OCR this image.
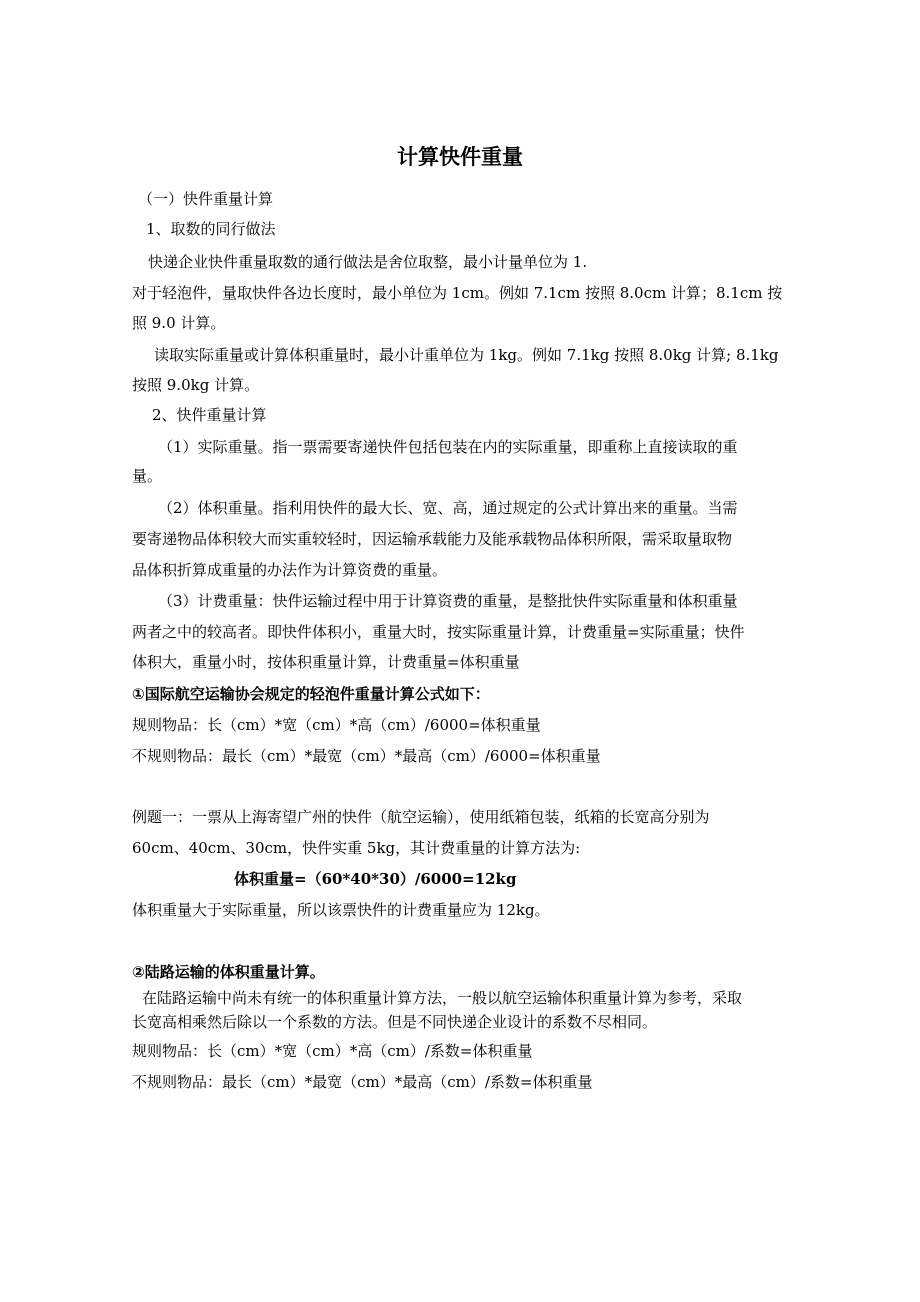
计算快件重量
（一）快件重量计算
1、取数的同行做法
快递企业快件重量取数的通行做法是舍位取整，最小计量单位为 1.
对于轻泡件，量取快件各边长度时，最小单位为 1cm。例如 7.1cm 按照 8.0cm 计算；8.1cm 按
照 9.0 计算。
读取实际重量或计算体积重量时，最小计重单位为 1kg。例如 7.1kg 按照 8.0kg 计算; 8.1kg
按照 9.0kg 计算。
2、快件重量计算
（1）实际重量。指一票需要寄递快件包括包装在内的实际重量，即重称上直接读取的重
量。
（2）体积重量。指利用快件的最大长、宽、高，通过规定的公式计算出来的重量。当需
要寄递物品体积较大而实重较轻时，因运输承载能力及能承载物品体积所限，需采取量取物
品体积折算成重量的办法作为计算资费的重量。
（3）计费重量：快件运输过程中用于计算资费的重量，是整批快件实际重量和体积重量
两者之中的较高者。即快件体积小，重量大时，按实际重量计算，计费重量=实际重量；快件
体积大，重量小时，按体积重量计算，计费重量=体积重量
①国际航空运输协会规定的轻泡件重量计算公式如下：
规则物品：长（cm）*宽（cm）*高（cm）/6000=体积重量
不规则物品：最长（cm）*最宽（cm）*最高（cm）/6000=体积重量
例题一：一票从上海寄望广州的快件（航空运输），使用纸箱包装，纸箱的长宽高分别为
60cm、40cm、30cm，快件实重 5kg，其计费重量的计算方法为:
体积重量=（60*40*30）/6000=12kg
体积重量大于实际重量，所以该票快件的计费重量应为 12kg。
②陆路运输的体积重量计算。
在陆路运输中尚未有统一的体积重量计算方法，一般以航空运输体积重量计算为参考，采取
长宽高相乘然后除以一个系数的方法。但是不同快递企业设计的系数不尽相同。
规则物品：长（cm）*宽（cm）*高（cm）/系数=体积重量
不规则物品：最长（cm）*最宽（cm）*最高（cm）/系数=体积重量
